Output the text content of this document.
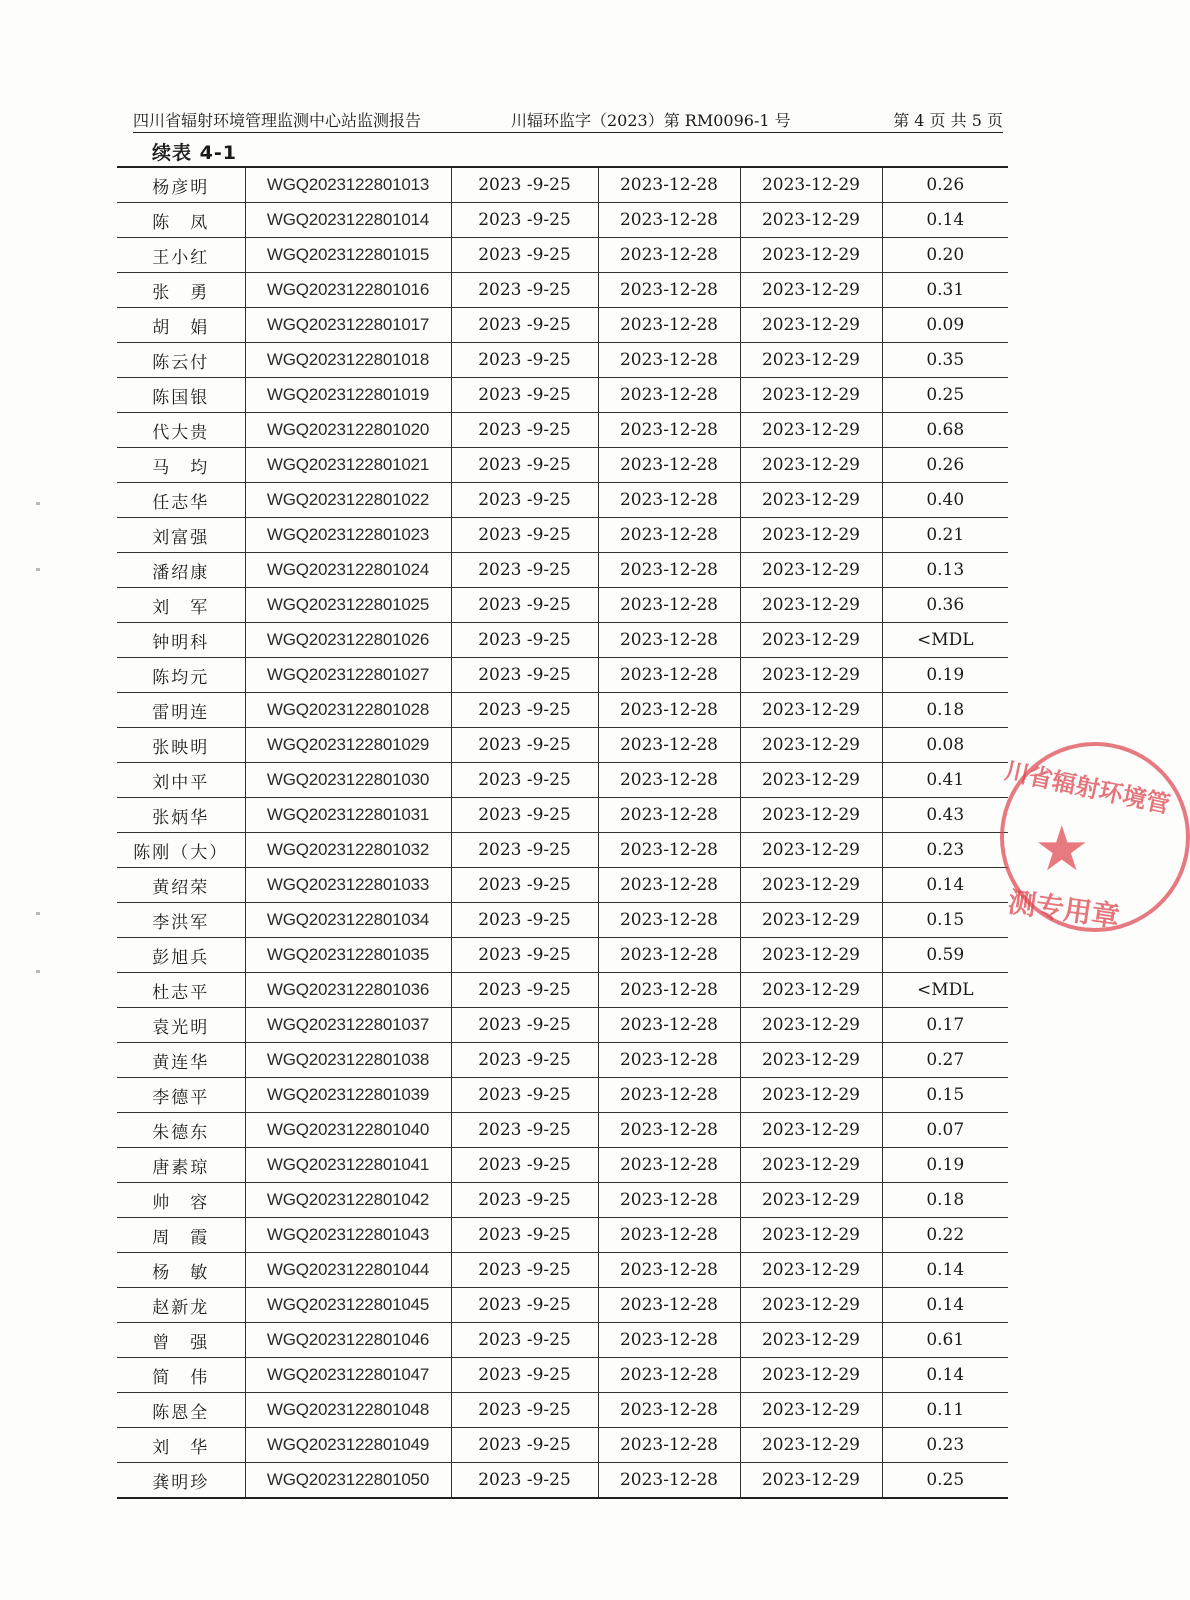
四川省辐射环境管理监测中心站监测报告	川辐环监字（2023）第 RM0096-1 号	第 4 页 共 5 页
续表 4-1
杨彦明	WGQ2023122801013	2023 -9-25	2023-12-28	2023-12-29	0.26
陈　凤	WGQ2023122801014	2023 -9-25	2023-12-28	2023-12-29	0.14
王小红	WGQ2023122801015	2023 -9-25	2023-12-28	2023-12-29	0.20
张　勇	WGQ2023122801016	2023 -9-25	2023-12-28	2023-12-29	0.31
胡　娟	WGQ2023122801017	2023 -9-25	2023-12-28	2023-12-29	0.09
陈云付	WGQ2023122801018	2023 -9-25	2023-12-28	2023-12-29	0.35
陈国银	WGQ2023122801019	2023 -9-25	2023-12-28	2023-12-29	0.25
代大贵	WGQ2023122801020	2023 -9-25	2023-12-28	2023-12-29	0.68
马　均	WGQ2023122801021	2023 -9-25	2023-12-28	2023-12-29	0.26
任志华	WGQ2023122801022	2023 -9-25	2023-12-28	2023-12-29	0.40
刘富强	WGQ2023122801023	2023 -9-25	2023-12-28	2023-12-29	0.21
潘绍康	WGQ2023122801024	2023 -9-25	2023-12-28	2023-12-29	0.13
刘　军	WGQ2023122801025	2023 -9-25	2023-12-28	2023-12-29	0.36
钟明科	WGQ2023122801026	2023 -9-25	2023-12-28	2023-12-29	<MDL
陈均元	WGQ2023122801027	2023 -9-25	2023-12-28	2023-12-29	0.19
雷明连	WGQ2023122801028	2023 -9-25	2023-12-28	2023-12-29	0.18
张映明	WGQ2023122801029	2023 -9-25	2023-12-28	2023-12-29	0.08
刘中平	WGQ2023122801030	2023 -9-25	2023-12-28	2023-12-29	0.41
张炳华	WGQ2023122801031	2023 -9-25	2023-12-28	2023-12-29	0.43
陈刚（大）	WGQ2023122801032	2023 -9-25	2023-12-28	2023-12-29	0.23
黄绍荣	WGQ2023122801033	2023 -9-25	2023-12-28	2023-12-29	0.14
李洪军	WGQ2023122801034	2023 -9-25	2023-12-28	2023-12-29	0.15
彭旭兵	WGQ2023122801035	2023 -9-25	2023-12-28	2023-12-29	0.59
杜志平	WGQ2023122801036	2023 -9-25	2023-12-28	2023-12-29	<MDL
袁光明	WGQ2023122801037	2023 -9-25	2023-12-28	2023-12-29	0.17
黄连华	WGQ2023122801038	2023 -9-25	2023-12-28	2023-12-29	0.27
李德平	WGQ2023122801039	2023 -9-25	2023-12-28	2023-12-29	0.15
朱德东	WGQ2023122801040	2023 -9-25	2023-12-28	2023-12-29	0.07
唐素琼	WGQ2023122801041	2023 -9-25	2023-12-28	2023-12-29	0.19
帅　容	WGQ2023122801042	2023 -9-25	2023-12-28	2023-12-29	0.18
周　霞	WGQ2023122801043	2023 -9-25	2023-12-28	2023-12-29	0.22
杨　敏	WGQ2023122801044	2023 -9-25	2023-12-28	2023-12-29	0.14
赵新龙	WGQ2023122801045	2023 -9-25	2023-12-28	2023-12-29	0.14
曾　强	WGQ2023122801046	2023 -9-25	2023-12-28	2023-12-29	0.61
简　伟	WGQ2023122801047	2023 -9-25	2023-12-28	2023-12-29	0.14
陈恩全	WGQ2023122801048	2023 -9-25	2023-12-28	2023-12-29	0.11
刘　华	WGQ2023122801049	2023 -9-25	2023-12-28	2023-12-29	0.23
龚明珍	WGQ2023122801050	2023 -9-25	2023-12-28	2023-12-29	0.25
川省辐射环境管
★
测专用章
